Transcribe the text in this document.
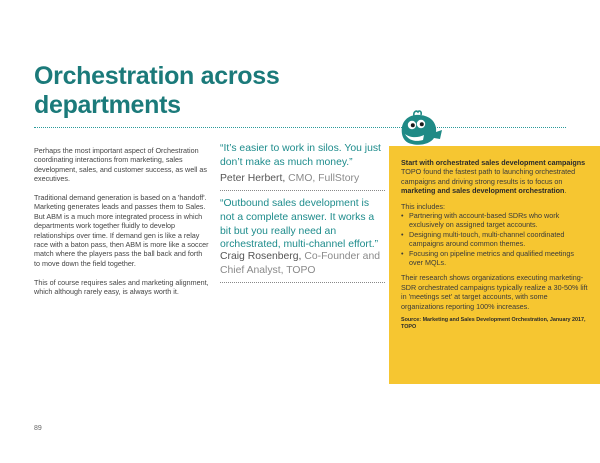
Orchestration across
departments

Perhaps the most important aspect of Orchestration coordinating interactions from marketing, sales development, sales, and customer success, as well as executives.

Traditional demand generation is based on a 'handoff'. Marketing generates leads and passes them to Sales. But ABM is a much more integrated process in which departments work together fluidly to develop relationships over time. If demand gen is like a relay race with a baton pass, then ABM is more like a soccer match where the players pass the ball back and forth to move down the field together.

This of course requires sales and marketing alignment, which although rarely easy, is always worth it.

“It’s easier to work in silos. You just don’t make as much money.”

Peter Herbert, CMO, FullStory

“Outbound sales development is not a complete answer. It works a bit but you really need an orchestrated, multi-channel effort.”

Craig Rosenberg, Co-Founder and Chief Analyst, TOPO

Start with orchestrated sales development campaigns

TOPO found the fastest path to launching orchestrated campaigns and driving strong results is to focus on marketing and sales development orchestration.

This includes:

• Partnering with account-based SDRs who work exclusively on assigned target accounts.
• Designing multi-touch, multi-channel coordinated campaigns around common themes.
• Focusing on pipeline metrics and qualified meetings over MQLs.

Their research shows organizations executing marketing-SDR orchestrated campaigns typically realize a 30-50% lift in 'meetings set' at target accounts, with some organizations reporting 100% increases.

Source: Marketing and Sales Development Orchestration, January 2017, TOPO

89
